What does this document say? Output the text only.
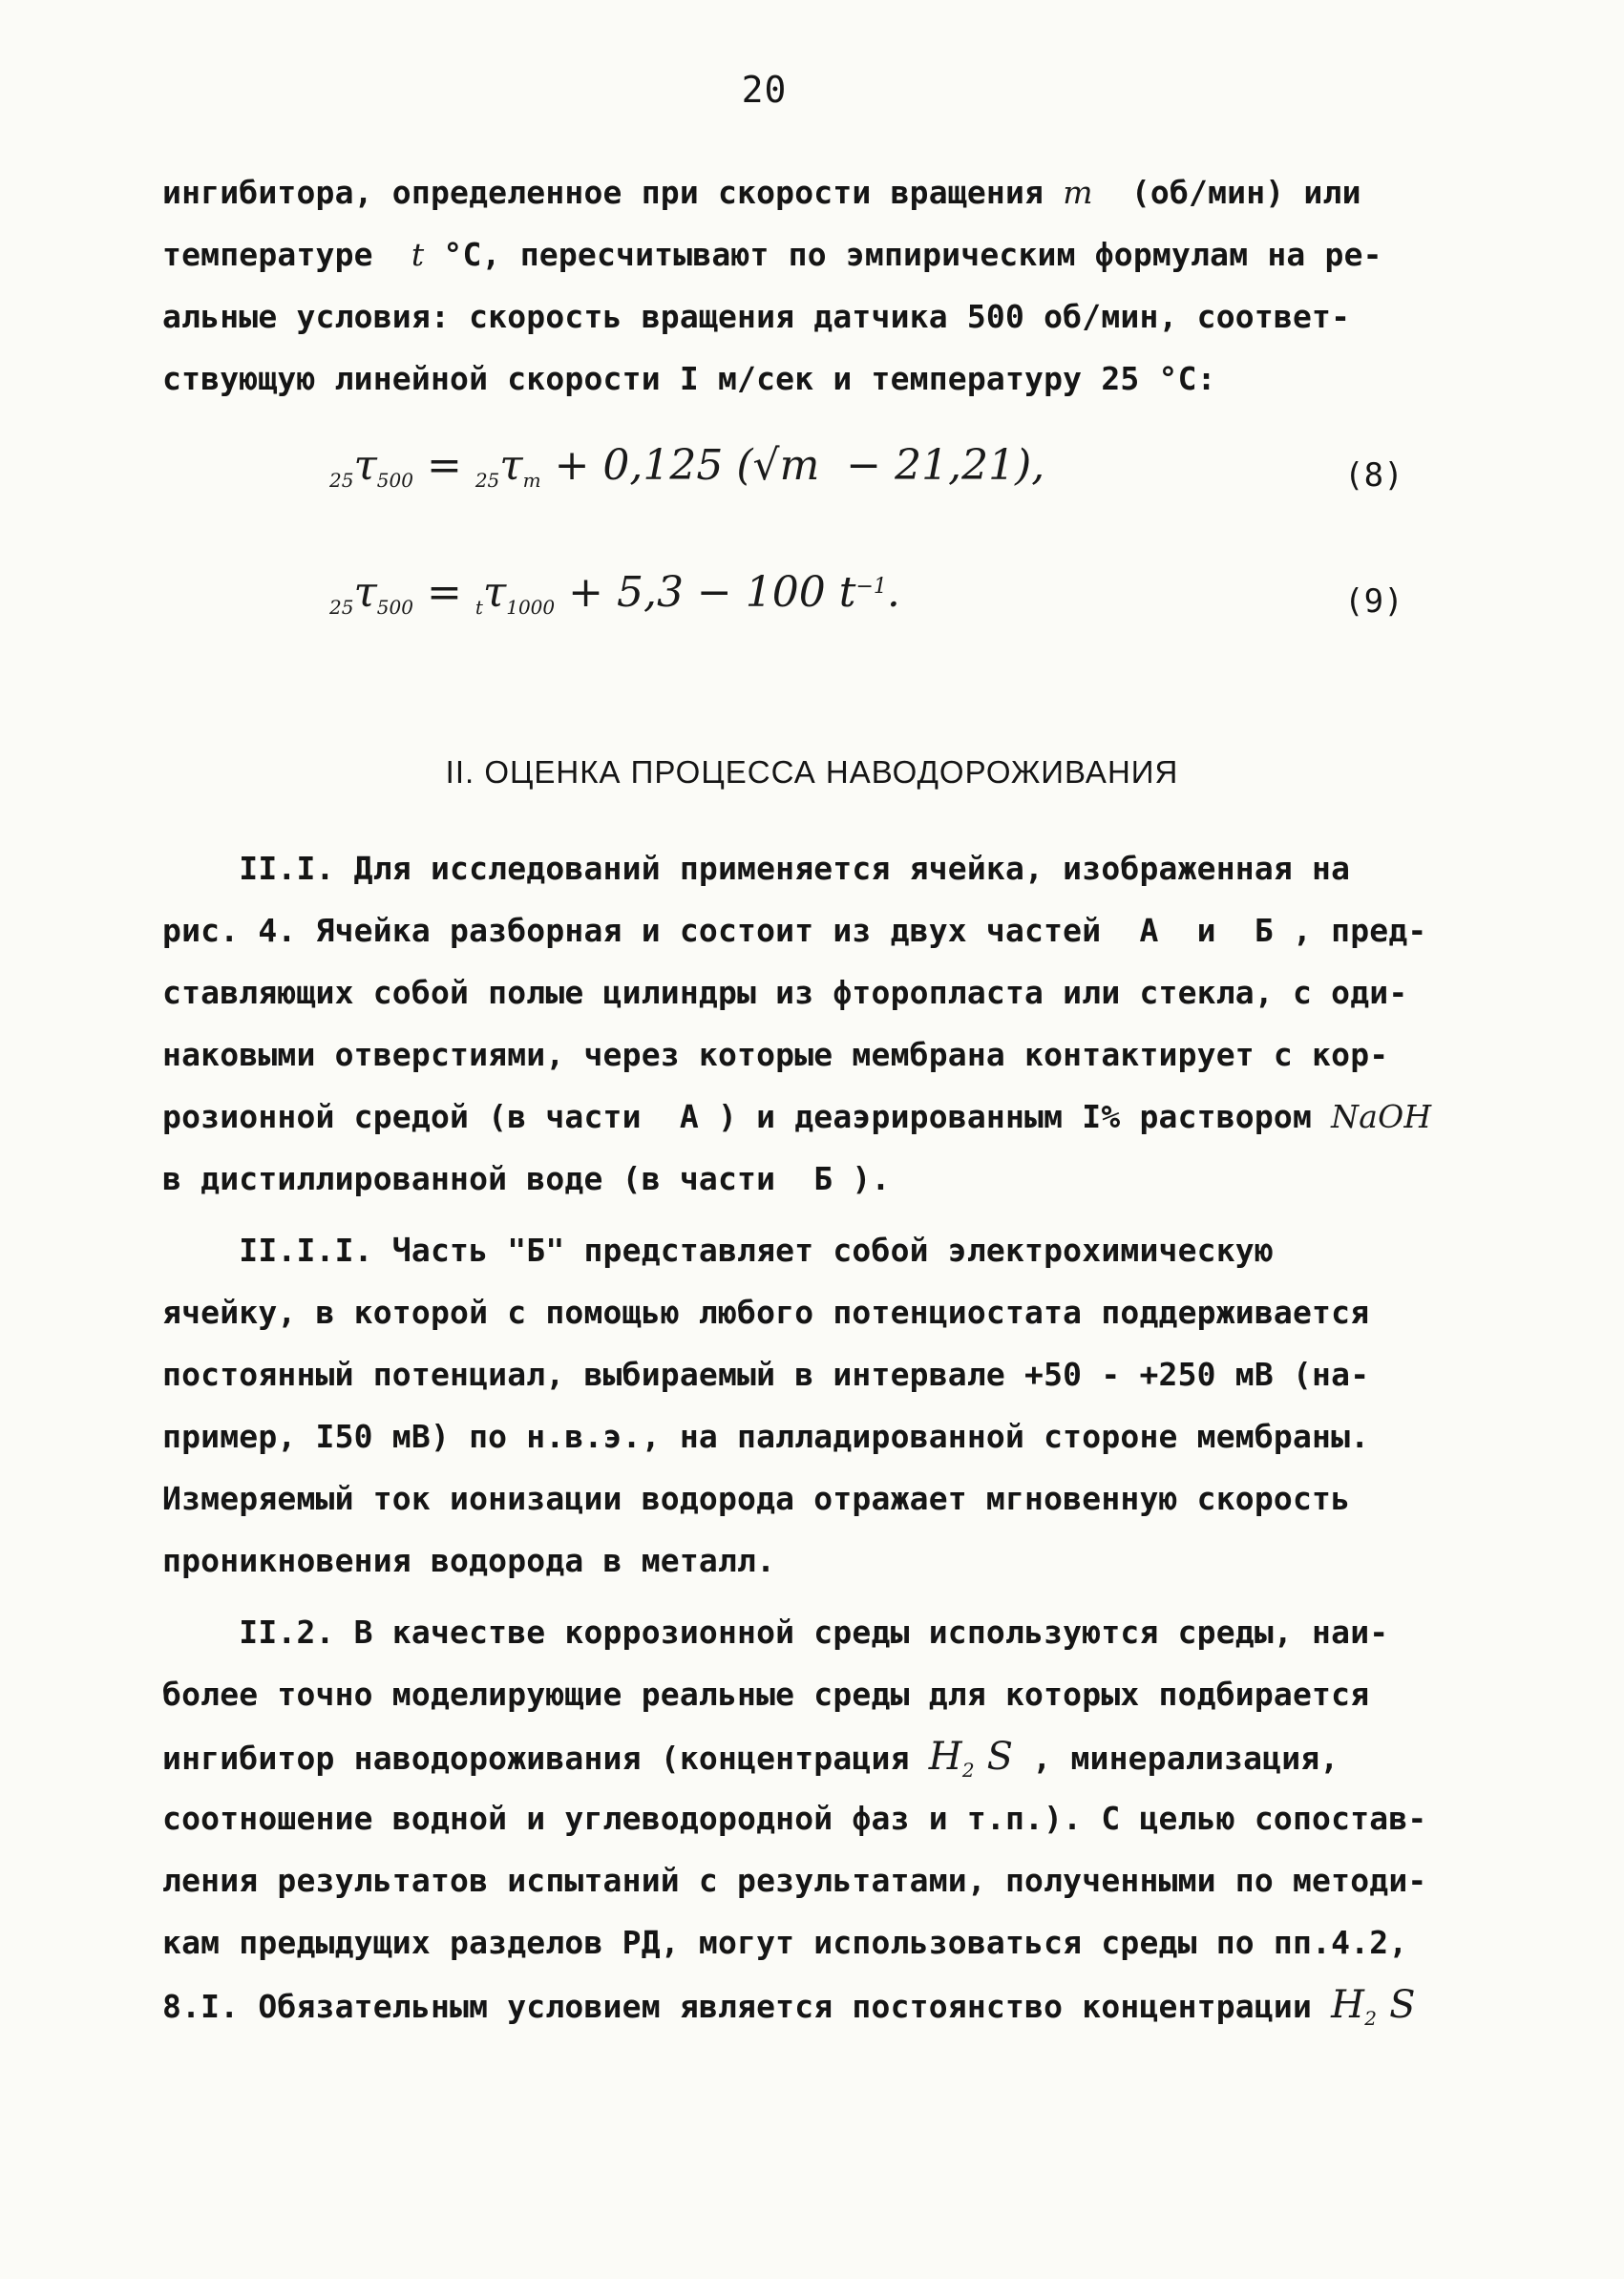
20
ингибитора, определенное при скорости вращения m  (об/мин) или
температуре  t °C, пересчитывают по эмпирическим формулам на ре-
альные условия: скорость вращения датчика 500 об/мин, соответ-
ствующую линейной скорости I м/сек и температуру 25 °C:
25τ500 = 25τm + 0,125 (√m  − 21,21),	(8)
25τ500 = tτ1000 + 5,3 − 100 $t^{-1}$.	(9)
II. ОЦЕНКА ПРОЦЕССА НАВОДОРОЖИВАНИЯ
II.I. Для исследований применяется ячейка, изображенная на
рис. 4. Ячейка разборная и состоит из двух частей  А  и  Б , пред-
ставляющих собой полые цилиндры из фторопласта или стекла, с оди-
наковыми отверстиями, через которые мембрана контактирует с кор-
розионной средой (в части  А ) и деаэрированным I% раствором NaOH
в дистиллированной воде (в части  Б ).
II.I.I. Часть "Б" представляет собой электрохимическую
ячейку, в которой с помощью любого потенциостата поддерживается
постоянный потенциал, выбираемый в интервале +50 - +250 мВ (на-
пример, I50 мВ) по н.в.э., на палладированной стороне мембраны.
Измеряемый ток ионизации водорода отражает мгновенную скорость
проникновения водорода в металл.
II.2. В качестве коррозионной среды используются среды, наи-
более точно моделирующие реальные среды для которых подбирается
ингибитор наводороживания (концентрация $H_2$ S , минерализация,
соотношение водной и углеводородной фаз и т.п.). С целью сопостав-
ления результатов испытаний с результатами, полученными по методи-
кам предыдущих разделов РД, могут использоваться среды по пп.4.2,
8.I. Обязательным условием является постоянство концентрации $H_2$ S
